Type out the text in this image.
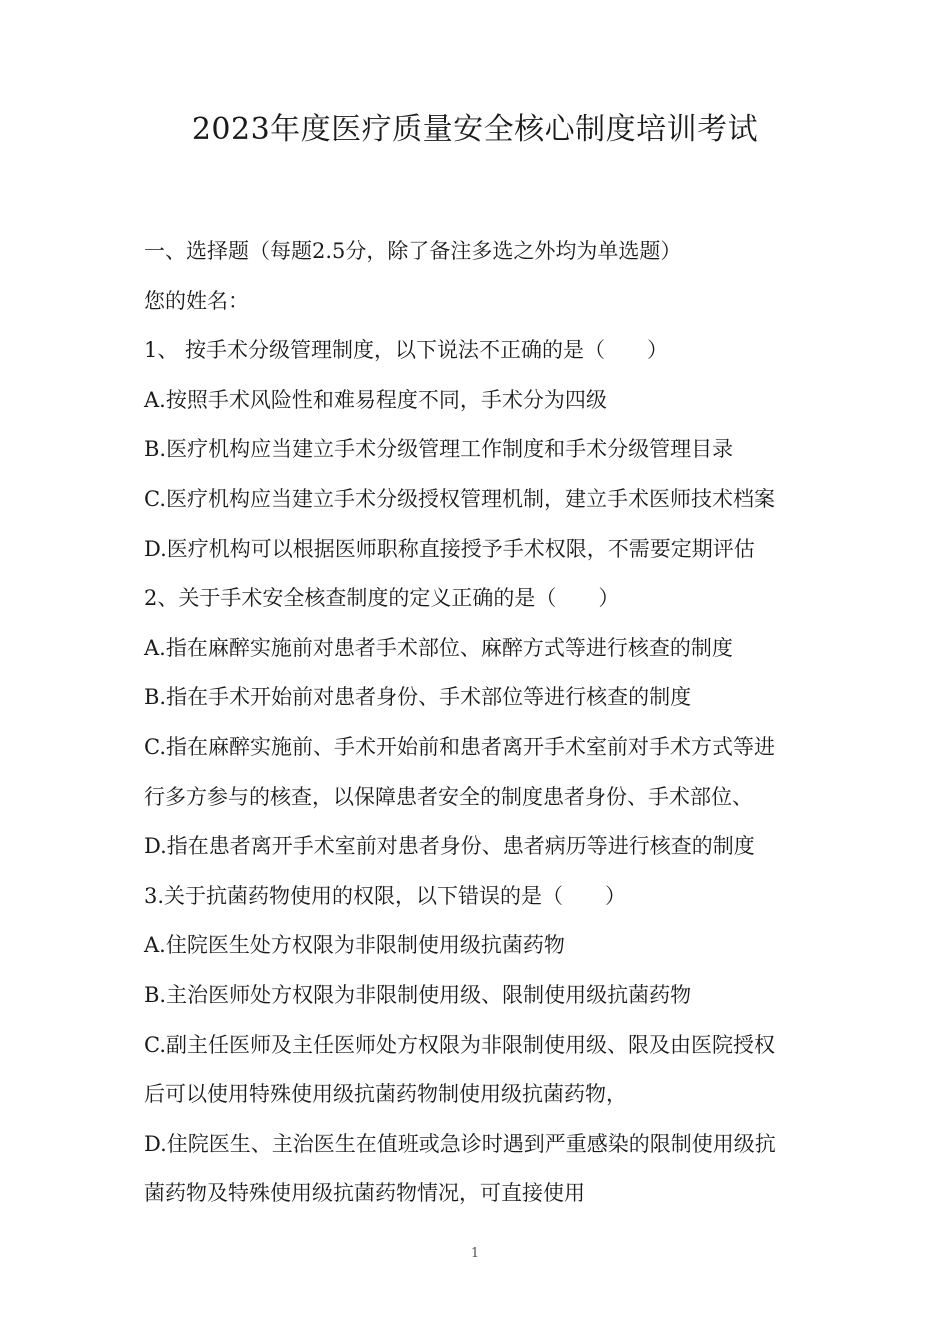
2023年度医疗质量安全核心制度培训考试
一、选择题（每题2.5分，除了备注多选之外均为单选题）
您的姓名：
1、 按手术分级管理制度，以下说法不正确的是（　　）
A.按照手术风险性和难易程度不同，手术分为四级
B.医疗机构应当建立手术分级管理工作制度和手术分级管理目录
C.医疗机构应当建立手术分级授权管理机制，建立手术医师技术档案
D.医疗机构可以根据医师职称直接授予手术权限，不需要定期评估
2、关于手术安全核查制度的定义正确的是（　　）
A.指在麻醉实施前对患者手术部位、麻醉方式等进行核查的制度
B.指在手术开始前对患者身份、手术部位等进行核查的制度
C.指在麻醉实施前、手术开始前和患者离开手术室前对手术方式等进
行多方参与的核查，以保障患者安全的制度患者身份、手术部位、
D.指在患者离开手术室前对患者身份、患者病历等进行核查的制度
3.关于抗菌药物使用的权限，以下错误的是（　　）
A.住院医生处方权限为非限制使用级抗菌药物
B.主治医师处方权限为非限制使用级、限制使用级抗菌药物
C.副主任医师及主任医师处方权限为非限制使用级、限及由医院授权
后可以使用特殊使用级抗菌药物制使用级抗菌药物，
D.住院医生、主治医生在值班或急诊时遇到严重感染的限制使用级抗
菌药物及特殊使用级抗菌药物情况，可直接使用
1
